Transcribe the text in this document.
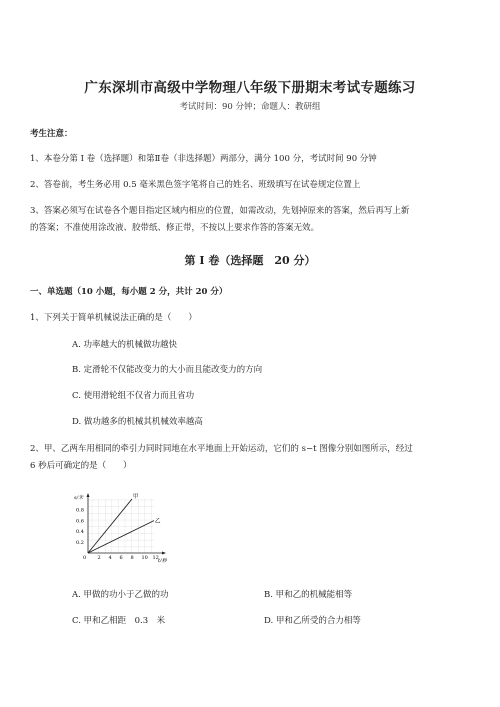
广东深圳市高级中学物理八年级下册期末考试专题练习
考试时间：90 分钟；命题人：教研组
考生注意：
1、本卷分第 I 卷（选择题）和第Ⅱ卷（非选择题）两部分，满分 100 分，考试时间 90 分钟
2、答卷前，考生务必用 0.5 毫米黑色签字笔将自己的姓名、班级填写在试卷规定位置上
3、答案必须写在试卷各个题目指定区域内相应的位置，如需改动，先划掉原来的答案，然后再写上新
的答案；不准使用涂改液、胶带纸、修正带，不按以上要求作答的答案无效。
第 I 卷（选择题　20 分）
一、单选题（10 小题，每小题 2 分，共计 20 分）
1、下列关于简单机械说法正确的是（　　）
A. 功率越大的机械做功越快
B. 定滑轮不仅能改变力的大小而且能改变力的方向
C. 使用滑轮组不仅省力而且省功
D. 做功越多的机械其机械效率越高
2、甲、乙两车用相同的牵引力同时同地在水平地面上开始运动，它们的 s−t 图像分别如图所示，经过
6 秒后可确定的是（　　）
s/米
t/秒
0
0.8
0.6
0.4
0.2
2 4 6 8 10 12
甲
乙
A. 甲做的功小于乙做的功	B. 甲和乙的机械能相等
C. 甲和乙相距　0.3　米	D. 甲和乙所受的合力相等
